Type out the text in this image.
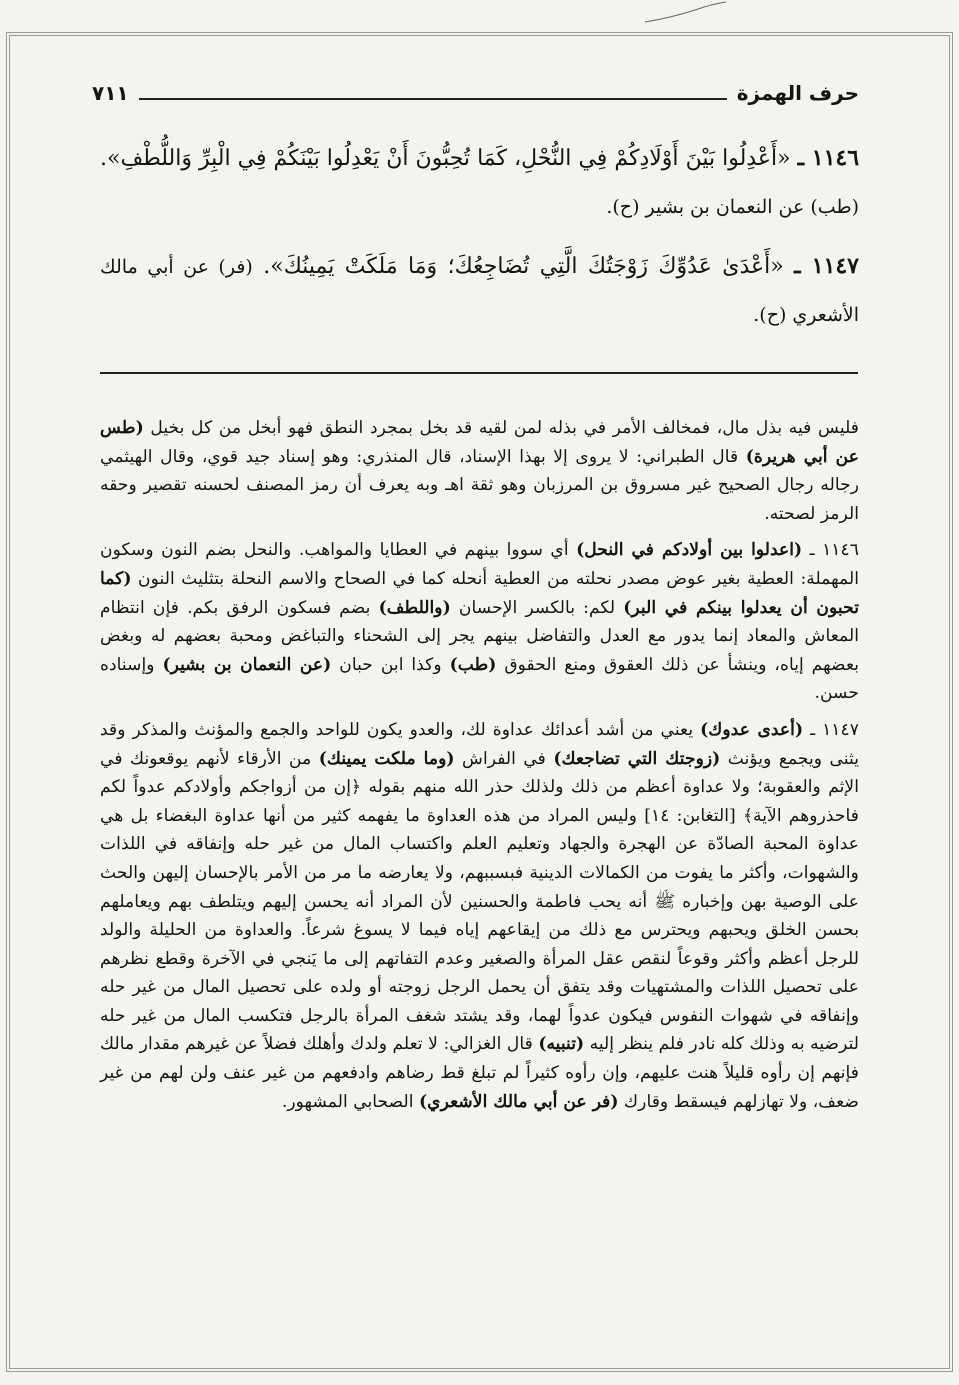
حرف الهمزة
٧١١
١١٤٦ ـ «أَعْدِلُوا بَيْنَ أَوْلَادِكُمْ فِي النُّحْلِ، كَمَا تُحِبُّونَ أَنْ يَعْدِلُوا بَيْنَكُمْ فِي الْبِرِّ وَاللُّطْفِ». (طب) عن النعمان بن بشير (ح).
١١٤٧ ـ «أَعْدَىٰ عَدُوِّكَ زَوْجَتُكَ الَّتِي تُضَاجِعُكَ؛ وَمَا مَلَكَتْ يَمِينُكَ». (فر) عن أبي مالك الأشعري (ح).

فليس فيه بذل مال، فمخالف الأمر في بذله لمن لقيه قد بخل بمجرد النطق فهو أبخل من كل بخيل (طس عن أبي هريرة) قال الطبراني: لا يروى إلا بهذا الإسناد، قال المنذري: وهو إسناد جيد قوي، وقال الهيثمي رجاله رجال الصحيح غير مسروق بن المرزبان وهو ثقة اهـ وبه يعرف أن رمز المصنف لحسنه تقصير وحقه الرمز لصحته.

١١٤٦ ـ (اعدلوا بين أولادكم في النحل) أي سووا بينهم في العطايا والمواهب. والنحل بضم النون وسكون المهملة: العطية بغير عوض مصدر نحلته من العطية أنحله كما في الصحاح والاسم النحلة بتثليث النون (كما تحبون أن يعدلوا بينكم في البر) لكم: بالكسر الإحسان (واللطف) بضم فسكون الرفق بكم. فإن انتظام المعاش والمعاد إنما يدور مع العدل والتفاضل بينهم يجر إلى الشحناء والتباغض ومحبة بعضهم له وبغض بعضهم إياه، وينشأ عن ذلك العقوق ومنع الحقوق (طب) وكذا ابن حبان (عن النعمان بن بشير) وإسناده حسن.

١١٤٧ ـ (أعدى عدوك) يعني من أشد أعدائك عداوة لك، والعدو يكون للواحد والجمع والمؤنث والمذكر وقد يثنى ويجمع ويؤنث (زوجتك التي تضاجعك) في الفراش (وما ملكت يمينك) من الأرقاء لأنهم يوقعونك في الإثم والعقوبة؛ ولا عداوة أعظم من ذلك ولذلك حذر الله منهم بقوله ﴿إن من أزواجكم وأولادكم عدواً لكم فاحذروهم الآية﴾ [التغابن: ١٤] وليس المراد من هذه العداوة ما يفهمه كثير من أنها عداوة البغضاء بل هي عداوة المحبة الصادّة عن الهجرة والجهاد وتعليم العلم واكتساب المال من غير حله وإنفاقه في اللذات والشهوات، وأكثر ما يفوت من الكمالات الدينية فبسببهم، ولا يعارضه ما مر من الأمر بالإحسان إليهن والحث على الوصية بهن وإخباره ﷺ أنه يحب فاطمة والحسنين لأن المراد أنه يحسن إليهم ويتلطف بهم ويعاملهم بحسن الخلق ويحبهم ويحترس مع ذلك من إيقاعهم إياه فيما لا يسوغ شرعاً. والعداوة من الحليلة والولد للرجل أعظم وأكثر وقوعاً لنقص عقل المرأة والصغير وعدم التفاتهم إلى ما يَنجي في الآخرة وقطع نظرهم على تحصيل اللذات والمشتهيات وقد يتفق أن يحمل الرجل زوجته أو ولده على تحصيل المال من غير حله وإنفاقه في شهوات النفوس فيكون عدواً لهما، وقد يشتد شغف المرأة بالرجل فتكسب المال من غير حله لترضيه به وذلك كله نادر فلم ينظر إليه (تنبيه) قال الغزالي: لا تعلم ولدك وأهلك فضلاً عن غيرهم مقدار مالك فإنهم إن رأوه قليلاً هنت عليهم، وإن رأوه كثيراً لم تبلغ قط رضاهم وادفعهم من غير عنف ولن لهم من غير ضعف، ولا تهازلهم فيسقط وقارك (فر عن أبي مالك الأشعري) الصحابي المشهور.
